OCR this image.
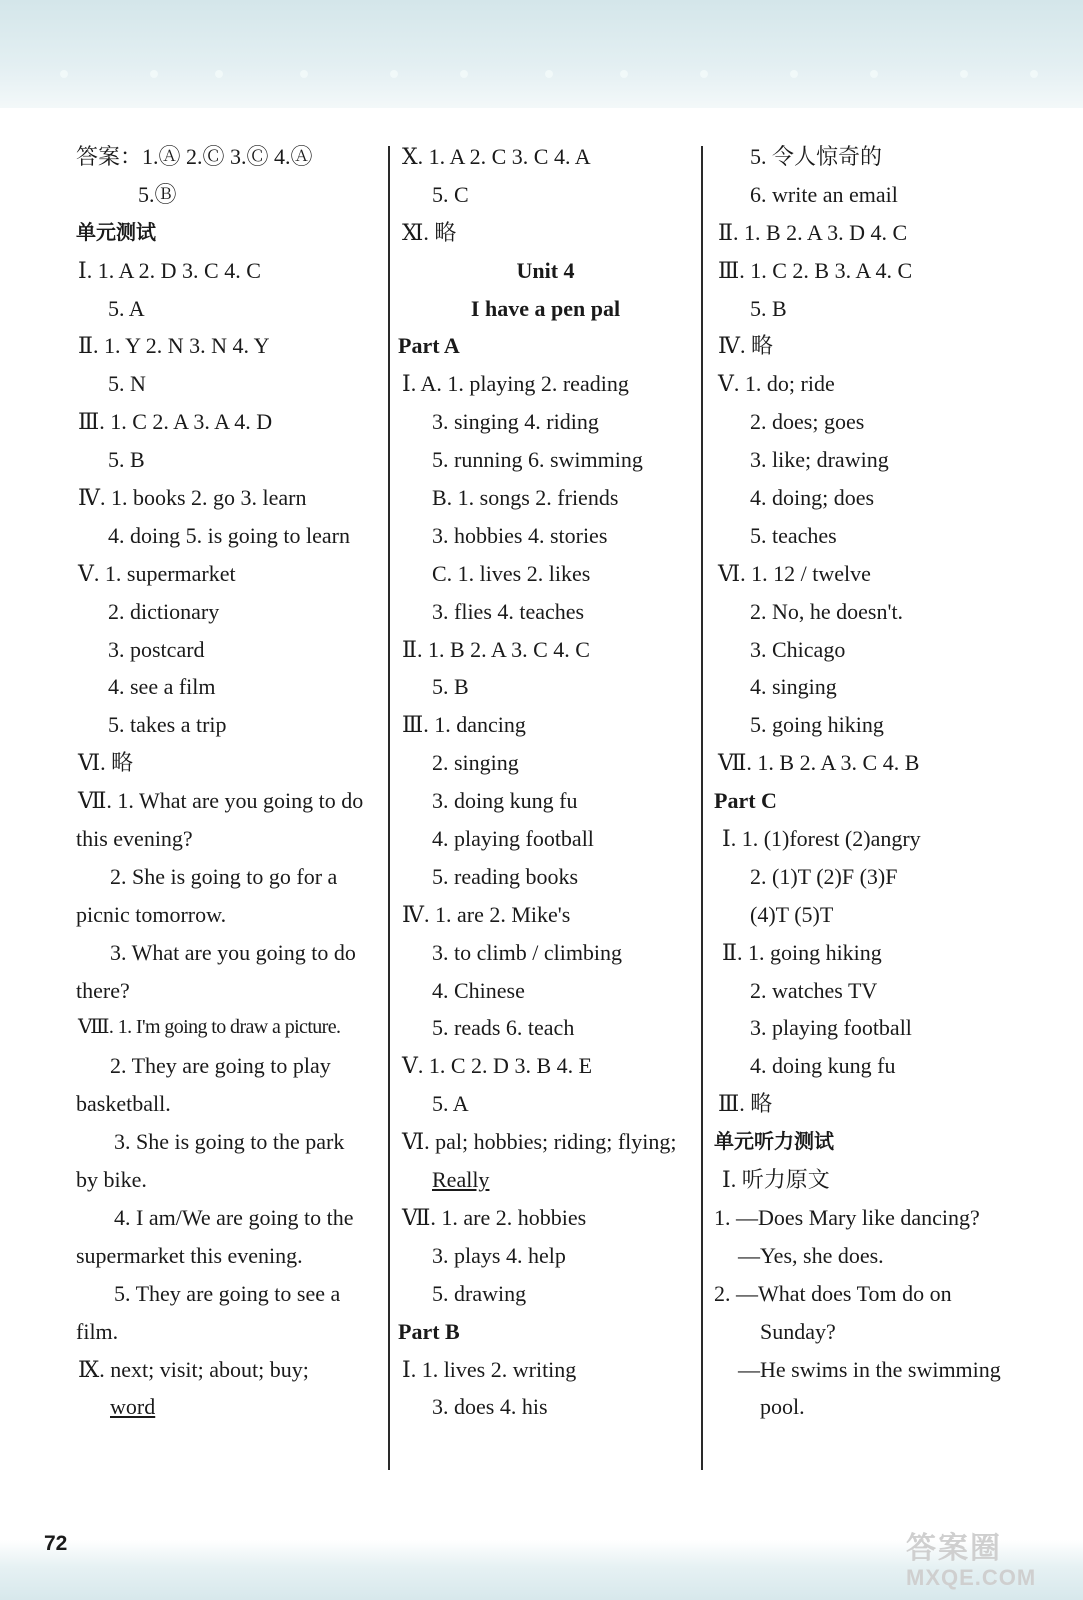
答案：1.Ⓐ 2.Ⓒ 3.Ⓒ 4.Ⓐ
5.Ⓑ
单元测试
Ⅰ. 1. A 2. D 3. C 4. C
5. A
Ⅱ. 1. Y 2. N 3. N 4. Y
5. N
Ⅲ. 1. C 2. A 3. A 4. D
5. B
Ⅳ. 1. books 2. go 3. learn
4. doing 5. is going to learn
Ⅴ. 1. supermarket
2. dictionary
3. postcard
4. see a film
5. takes a trip
Ⅵ. 略
Ⅶ. 1. What are you going to do
this evening?
2. She is going to go for a
picnic tomorrow.
3. What are you going to do
there?
Ⅷ. 1. I'm going to draw a picture.
2. They are going to play
basketball.
3. She is going to the park
by bike.
4. I am/We are going to the
supermarket this evening.
5. They are going to see a
film.
Ⅸ. next; visit; about; buy;
word
Ⅹ. 1. A 2. C 3. C 4. A
5. C
Ⅺ. 略
Unit 4
I have a pen pal
Part A
Ⅰ. A. 1. playing 2. reading
3. singing 4. riding
5. running 6. swimming
B. 1. songs 2. friends
3. hobbies 4. stories
C. 1. lives 2. likes
3. flies 4. teaches
Ⅱ. 1. B 2. A 3. C 4. C
5. B
Ⅲ. 1. dancing
2. singing
3. doing kung fu
4. playing football
5. reading books
Ⅳ. 1. are 2. Mike's
3. to climb / climbing
4. Chinese
5. reads 6. teach
Ⅴ. 1. C 2. D 3. B 4. E
5. A
Ⅵ. pal; hobbies; riding; flying;
Really
Ⅶ. 1. are 2. hobbies
3. plays 4. help
5. drawing
Part B
Ⅰ. 1. lives 2. writing
3. does 4. his
5. 令人惊奇的
6. write an email
Ⅱ. 1. B 2. A 3. D 4. C
Ⅲ. 1. C 2. B 3. A 4. C
5. B
Ⅳ. 略
Ⅴ. 1. do; ride
2. does; goes
3. like; drawing
4. doing; does
5. teaches
Ⅵ. 1. 12 / twelve
2. No, he doesn't.
3. Chicago
4. singing
5. going hiking
Ⅶ. 1. B 2. A 3. C 4. B
Part C
Ⅰ. 1. (1)forest (2)angry
2. (1)T (2)F (3)F
(4)T (5)T
Ⅱ. 1. going hiking
2. watches TV
3. playing football
4. doing kung fu
Ⅲ. 略
单元听力测试
Ⅰ. 听力原文
1. —Does Mary like dancing?
—Yes, she does.
2. —What does Tom do on
Sunday?
—He swims in the swimming
pool.
72	答案圈
MXQE.COM
